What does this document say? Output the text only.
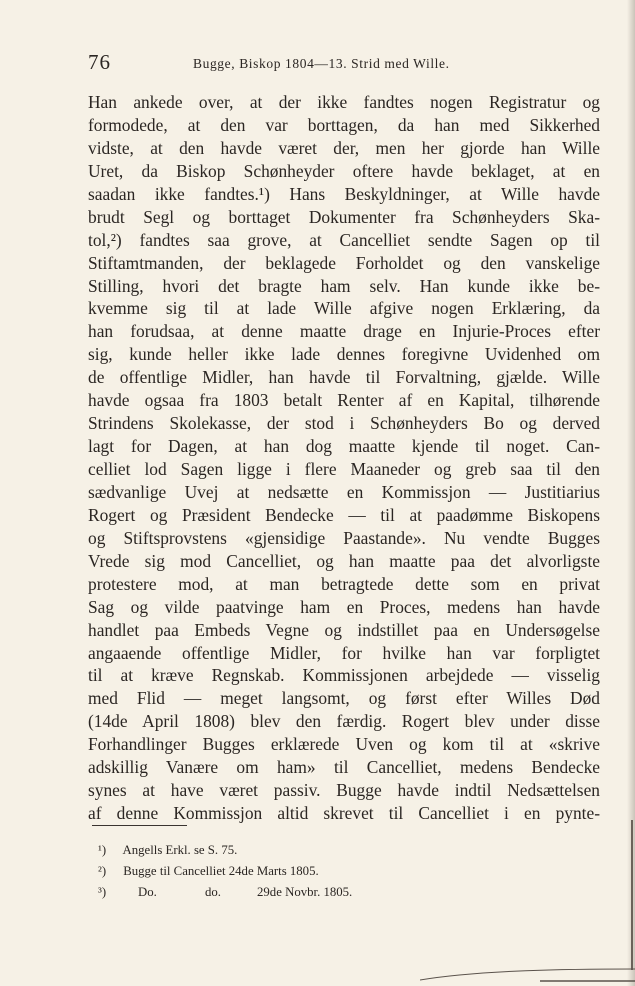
76	Bugge, Biskop 1804—13. Strid med Wille.
Han ankede over, at der ikke fandtes nogen Registratur og
formodede, at den var borttagen, da han med Sikkerhed
vidste, at den havde været der, men her gjorde han Wille
Uret, da Biskop Schønheyder oftere havde beklaget, at en
saadan ikke fandtes.¹) Hans Beskyldninger, at Wille havde
brudt Segl og borttaget Dokumenter fra Schønheyders Ska-
tol,²) fandtes saa grove, at Cancelliet sendte Sagen op til
Stiftamtmanden, der beklagede Forholdet og den vanskelige
Stilling, hvori det bragte ham selv. Han kunde ikke be-
kvemme sig til at lade Wille afgive nogen Erklæring, da
han forudsaa, at denne maatte drage en Injurie-Proces efter
sig, kunde heller ikke lade dennes foregivne Uvidenhed om
de offentlige Midler, han havde til Forvaltning, gjælde. Wille
havde ogsaa fra 1803 betalt Renter af en Kapital, tilhørende
Strindens Skolekasse, der stod i Schønheyders Bo og derved
lagt for Dagen, at han dog maatte kjende til noget. Can-
celliet lod Sagen ligge i flere Maaneder og greb saa til den
sædvanlige Uvej at nedsætte en Kommissjon — Justitiarius
Rogert og Præsident Bendecke — til at paadømme Biskopens
og Stiftsprovstens «gjensidige Paastande». Nu vendte Bugges
Vrede sig mod Cancelliet, og han maatte paa det alvorligste
protestere mod, at man betragtede dette som en privat
Sag og vilde paatvinge ham en Proces, medens han havde
handlet paa Embeds Vegne og indstillet paa en Undersøgelse
angaaende offentlige Midler, for hvilke han var forpligtet
til at kræve Regnskab. Kommissjonen arbejdede — visselig
med Flid — meget langsomt, og først efter Willes Død
(14de April 1808) blev den færdig. Rogert blev under disse
Forhandlinger Bugges erklærede Uven og kom til at «skrive
adskillig Vanære om ham» til Cancelliet, medens Bendecke
synes at have været passiv. Bugge havde indtil Nedsættelsen
af denne Kommissjon altid skrevet til Cancelliet i en pynte-
¹) Angells Erkl. se S. 75.
²) Bugge til Cancelliet 24de Marts 1805.
³) Do.	do.	29de Novbr. 1805.
